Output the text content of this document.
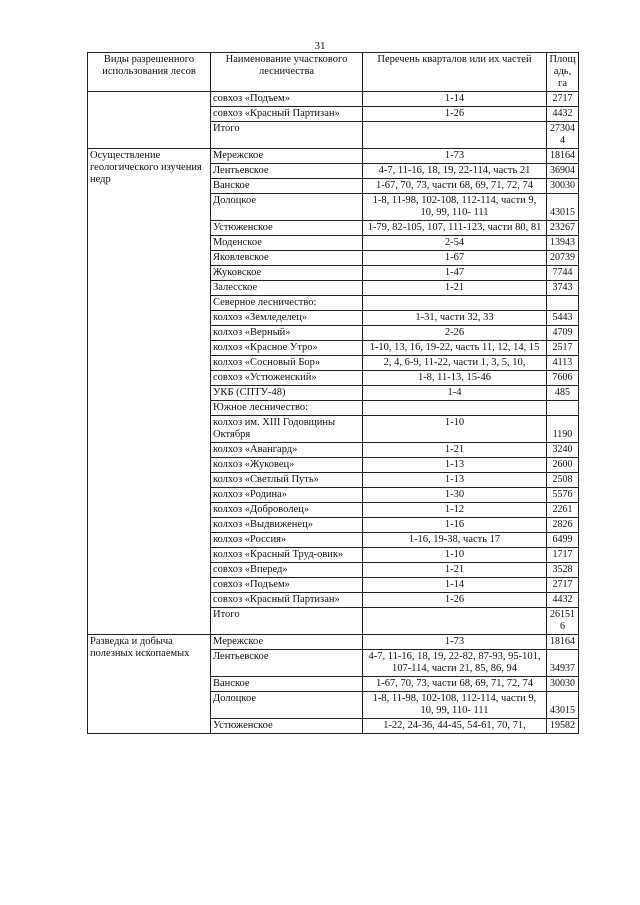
31
Виды разрешенного использования лесов	Наименование участкового лесничества	Перечень кварталов или их частей	Площадь, га
	совхоз «Подъем»	1-14	2717
	совхоз «Красный Партизан»	1-26	4432
	Итого		273044
Осуществление геологического изучения недр	Мережское	1-73	18164
	Лентьевское	4-7, 11-16, 18, 19, 22-114, часть 21	36904
	Ванское	1-67, 70, 73, части 68, 69, 71, 72, 74	30030
	Долоцкое	1-8, 11-98, 102-108, 112-114, части 9, 10, 99, 110- 111	43015
	Устюженское	1-79, 82-105, 107, 111-123, части 80, 81	23267
	Моденское	2-54	13943
	Яковлевское	1-67	20739
	Жуковское	1-47	7744
	Залесское	1-21	3743
	Северное лесничество:		
	колхоз «Земледелец»	1-31, части 32, 33	5443
	колхоз «Верный»	2-26	4709
	колхоз «Красное Утро»	1-10, 13, 16, 19-22, часть 11, 12, 14, 15	2517
	колхоз «Сосновый Бор»	2, 4, 6-9, 11-22, части 1, 3, 5, 10,	4113
	совхоз «Устюженский»	1-8, 11-13, 15-46	7606
	УКБ (СПТУ-48)	1-4	485
	Южное лесничество:		
	колхоз им. XIII Годовщины Октября	1-10	1190
	колхоз «Авангард»	1-21	3240
	колхоз «Жуковец»	1-13	2600
	колхоз «Светлый Путь»	1-13	2508
	колхоз «Родина»	1-30	5576
	колхоз «Доброволец»	1-12	2261
	колхоз «Выдвиженец»	1-16	2826
	колхоз «Россия»	1-16, 19-38, часть 17	6499
	колхоз «Красный Труд-овик»	1-10	1717
	совхоз «Вперед»	1-21	3528
	совхоз «Подъем»	1-14	2717
	совхоз «Красный Партизан»	1-26	4432
	Итого		261516
Разведка и добыча полезных ископаемых	Мережское	1-73	18164
	Лентьевское	4-7, 11-16, 18, 19, 22-82, 87-93, 95-101, 107-114, части 21, 85, 86, 94	34937
	Ванское	1-67, 70, 73, части 68, 69, 71, 72, 74	30030
	Долоцкое	1-8, 11-98, 102-108, 112-114, части 9, 10, 99, 110- 111	43015
	Устюженское	1-22, 24-36, 44-45, 54-61, 70, 71,	19582
